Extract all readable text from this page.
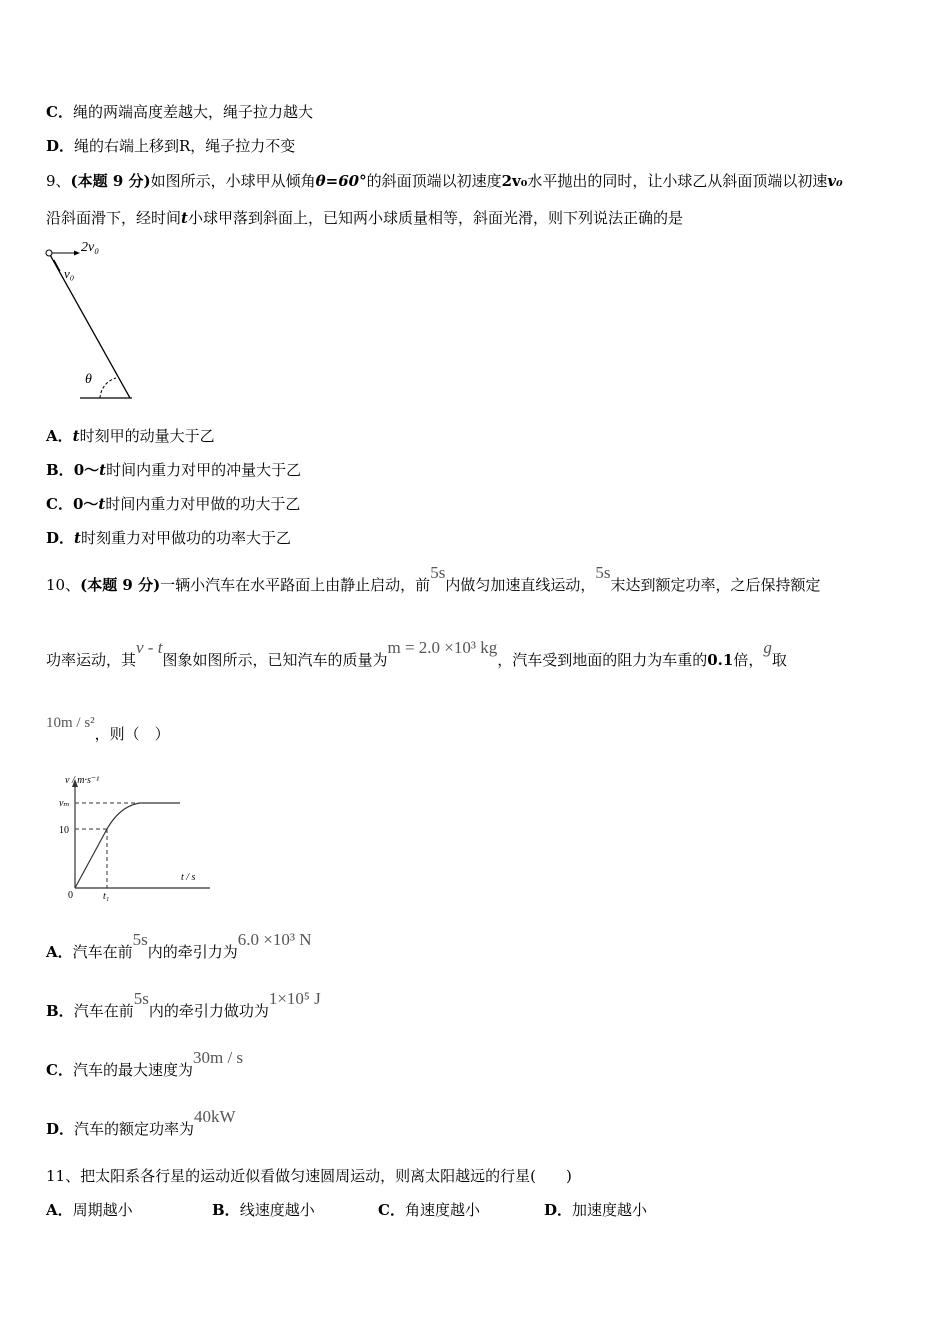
C．绳的两端高度差越大，绳子拉力越大
D．绳的右端上移到R，绳子拉力不变
9、(本题 9 分)如图所示，小球甲从倾角θ=60°的斜面顶端以初速度2v₀水平抛出的同时，让小球乙从斜面顶端以初速v₀
沿斜面滑下，经时间t小球甲落到斜面上，已知两小球质量相等，斜面光滑，则下列说法正确的是
2v₀
v₀
θ
A．t时刻甲的动量大于乙
B．0～t时间内重力对甲的冲量大于乙
C．0～t时间内重力对甲做的功大于乙
D．t时刻重力对甲做功的功率大于乙
10、(本题 9 分)一辆小汽车在水平路面上由静止启动，前5s内做匀加速直线运动，5s末达到额定功率，之后保持额定
功率运动，其v - t图象如图所示，已知汽车的质量为m = 2.0 ×10³ kg，汽车受到地面的阻力为车重的0.1倍，g取
10m / s²，则（　）
v / m·s⁻¹
t / s
vₘ
10
0	t₁
A．汽车在前5s内的牵引力为6.0 ×10³ N
B．汽车在前5s内的牵引力做功为1×10⁵ J
C．汽车的最大速度为30m / s
D．汽车的额定功率为40kW
11、把太阳系各行星的运动近似看做匀速圆周运动，则离太阳越远的行星(　　)
A．周期越小	B．线速度越小	C．角速度越小	D．加速度越小
